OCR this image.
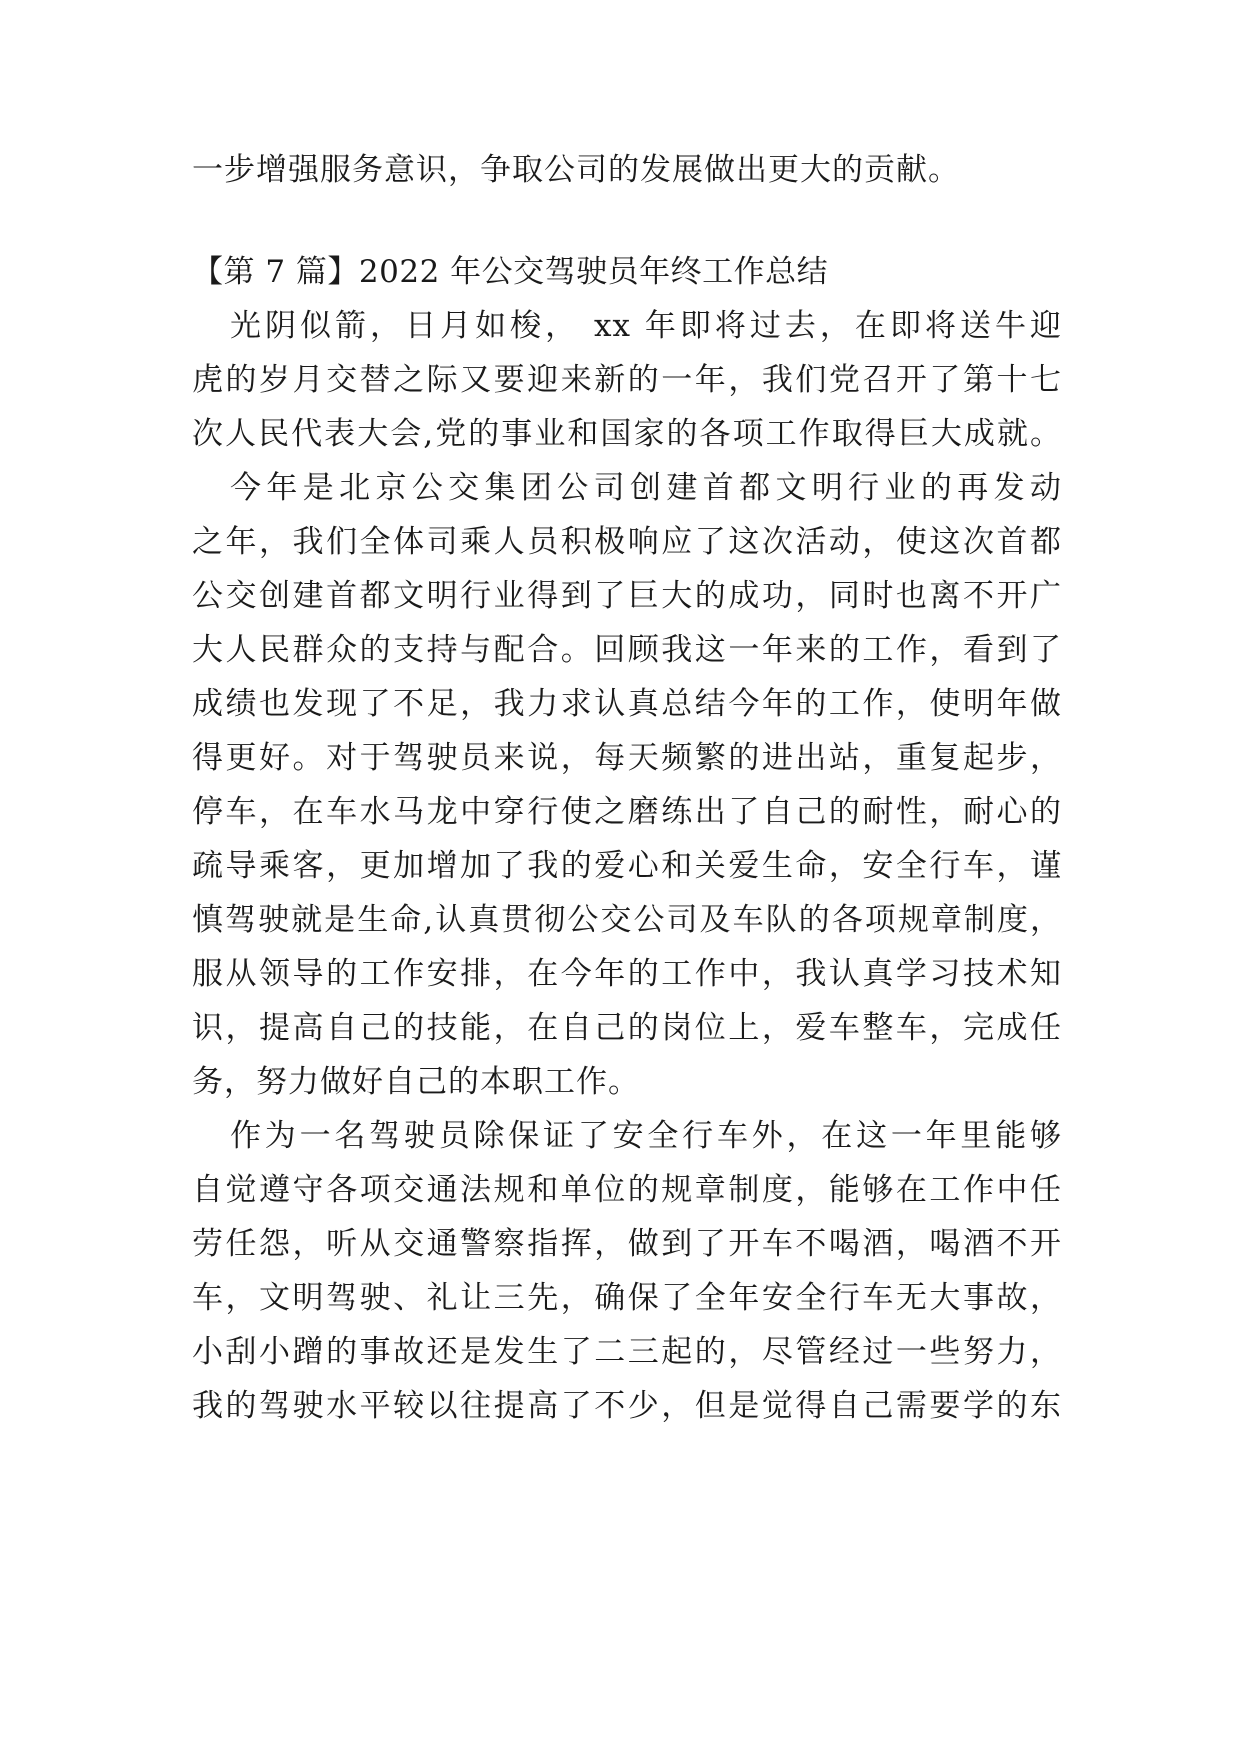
一步增强服务意识，争取公司的发展做出更大的贡献。
【第 7 篇】2022 年公交驾驶员年终工作总结
光阴似箭，日月如梭， xx 年即将过去，在即将送牛迎
虎的岁月交替之际又要迎来新的一年，我们党召开了第十七
次人民代表大会,党的事业和国家的各项工作取得巨大成就。
今年是北京公交集团公司创建首都文明行业的再发动
之年，我们全体司乘人员积极响应了这次活动，使这次首都
公交创建首都文明行业得到了巨大的成功，同时也离不开广
大人民群众的支持与配合。回顾我这一年来的工作，看到了
成绩也发现了不足，我力求认真总结今年的工作，使明年做
得更好。对于驾驶员来说，每天频繁的进出站，重复起步，
停车，在车水马龙中穿行使之磨练出了自己的耐性，耐心的
疏导乘客，更加增加了我的爱心和关爱生命，安全行车，谨
慎驾驶就是生命,认真贯彻公交公司及车队的各项规章制度，
服从领导的工作安排，在今年的工作中，我认真学习技术知
识，提高自己的技能，在自己的岗位上，爱车整车，完成任
务，努力做好自己的本职工作。
作为一名驾驶员除保证了安全行车外，在这一年里能够
自觉遵守各项交通法规和单位的规章制度，能够在工作中任
劳任怨，听从交通警察指挥，做到了开车不喝酒，喝酒不开
车，文明驾驶、礼让三先，确保了全年安全行车无大事故，
小刮小蹭的事故还是发生了二三起的，尽管经过一些努力，
我的驾驶水平较以往提高了不少，但是觉得自己需要学的东
